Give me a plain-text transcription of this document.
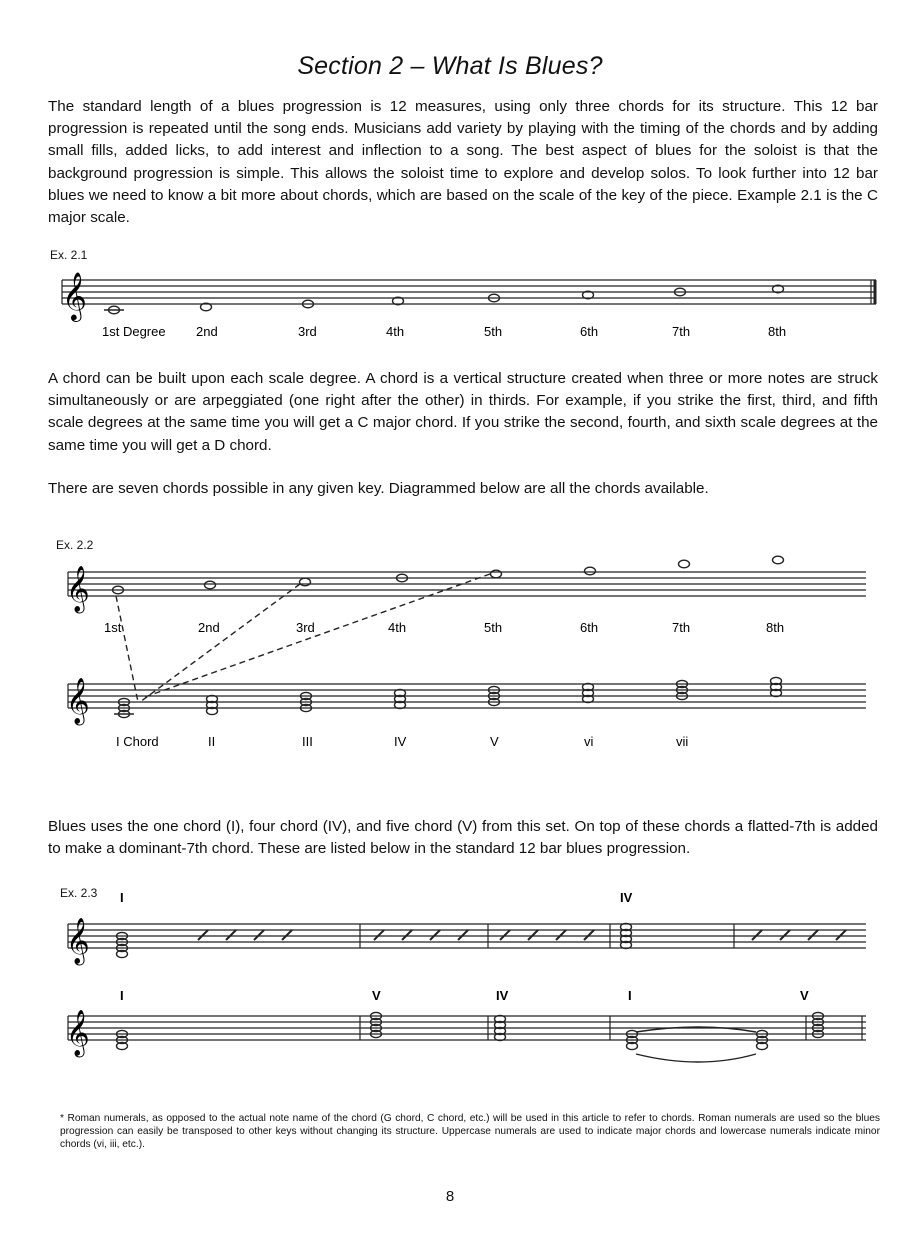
Section 2 – What Is Blues?

The standard length of a blues progression is 12 measures, using only three chords for its structure. This 12 bar progression is repeated until the song ends. Musicians add variety by playing with the timing of the chords and by adding small fills, added licks, to add interest and inflection to a song. The best aspect of blues for the soloist is that the background progression is simple. This allows the soloist time to explore and develop solos. To look further into 12 bar blues we need to know a bit more about chords, which are based on the scale of the key of the piece. Example 2.1 is the C major scale.

Ex. 2.1
𝄞
1st Degree 2nd	3rd	4th	5th	6th	7th	8th

A chord can be built upon each scale degree. A chord is a vertical structure created when three or more notes are struck simultaneously or are arpeggiated (one right after the other) in thirds. For example, if you strike the first, third, and fifth scale degrees at the same time you will get a C major chord. If you strike the second, fourth, and sixth scale degrees at the same time you will get a D chord.

There are seven chords possible in any given key. Diagrammed below are all the chords available.

Ex. 2.2
𝄞
1st	2nd	3rd	4th	5th	6th	7th	8th
𝄞
I Chord	II	III	IV	V	vi	vii

Blues uses the one chord (I), four chord (IV), and five chord (V) from this set. On top of these chords a flatted-7th is added to make a dominant-7th chord. These are listed below in the standard 12 bar blues progression.

Ex. 2.3 I	IV
𝄞
I	V	IV	I	V
𝄞

* Roman numerals, as opposed to the actual note name of the chord (G chord, C chord, etc.) will be used in this article to refer to chords. Roman numerals are used so the blues progression can easily be transposed to other keys without changing its structure. Uppercase numerals are used to indicate major chords and lowercase numerals indicate minor chords (vi, iii, etc.).

8
